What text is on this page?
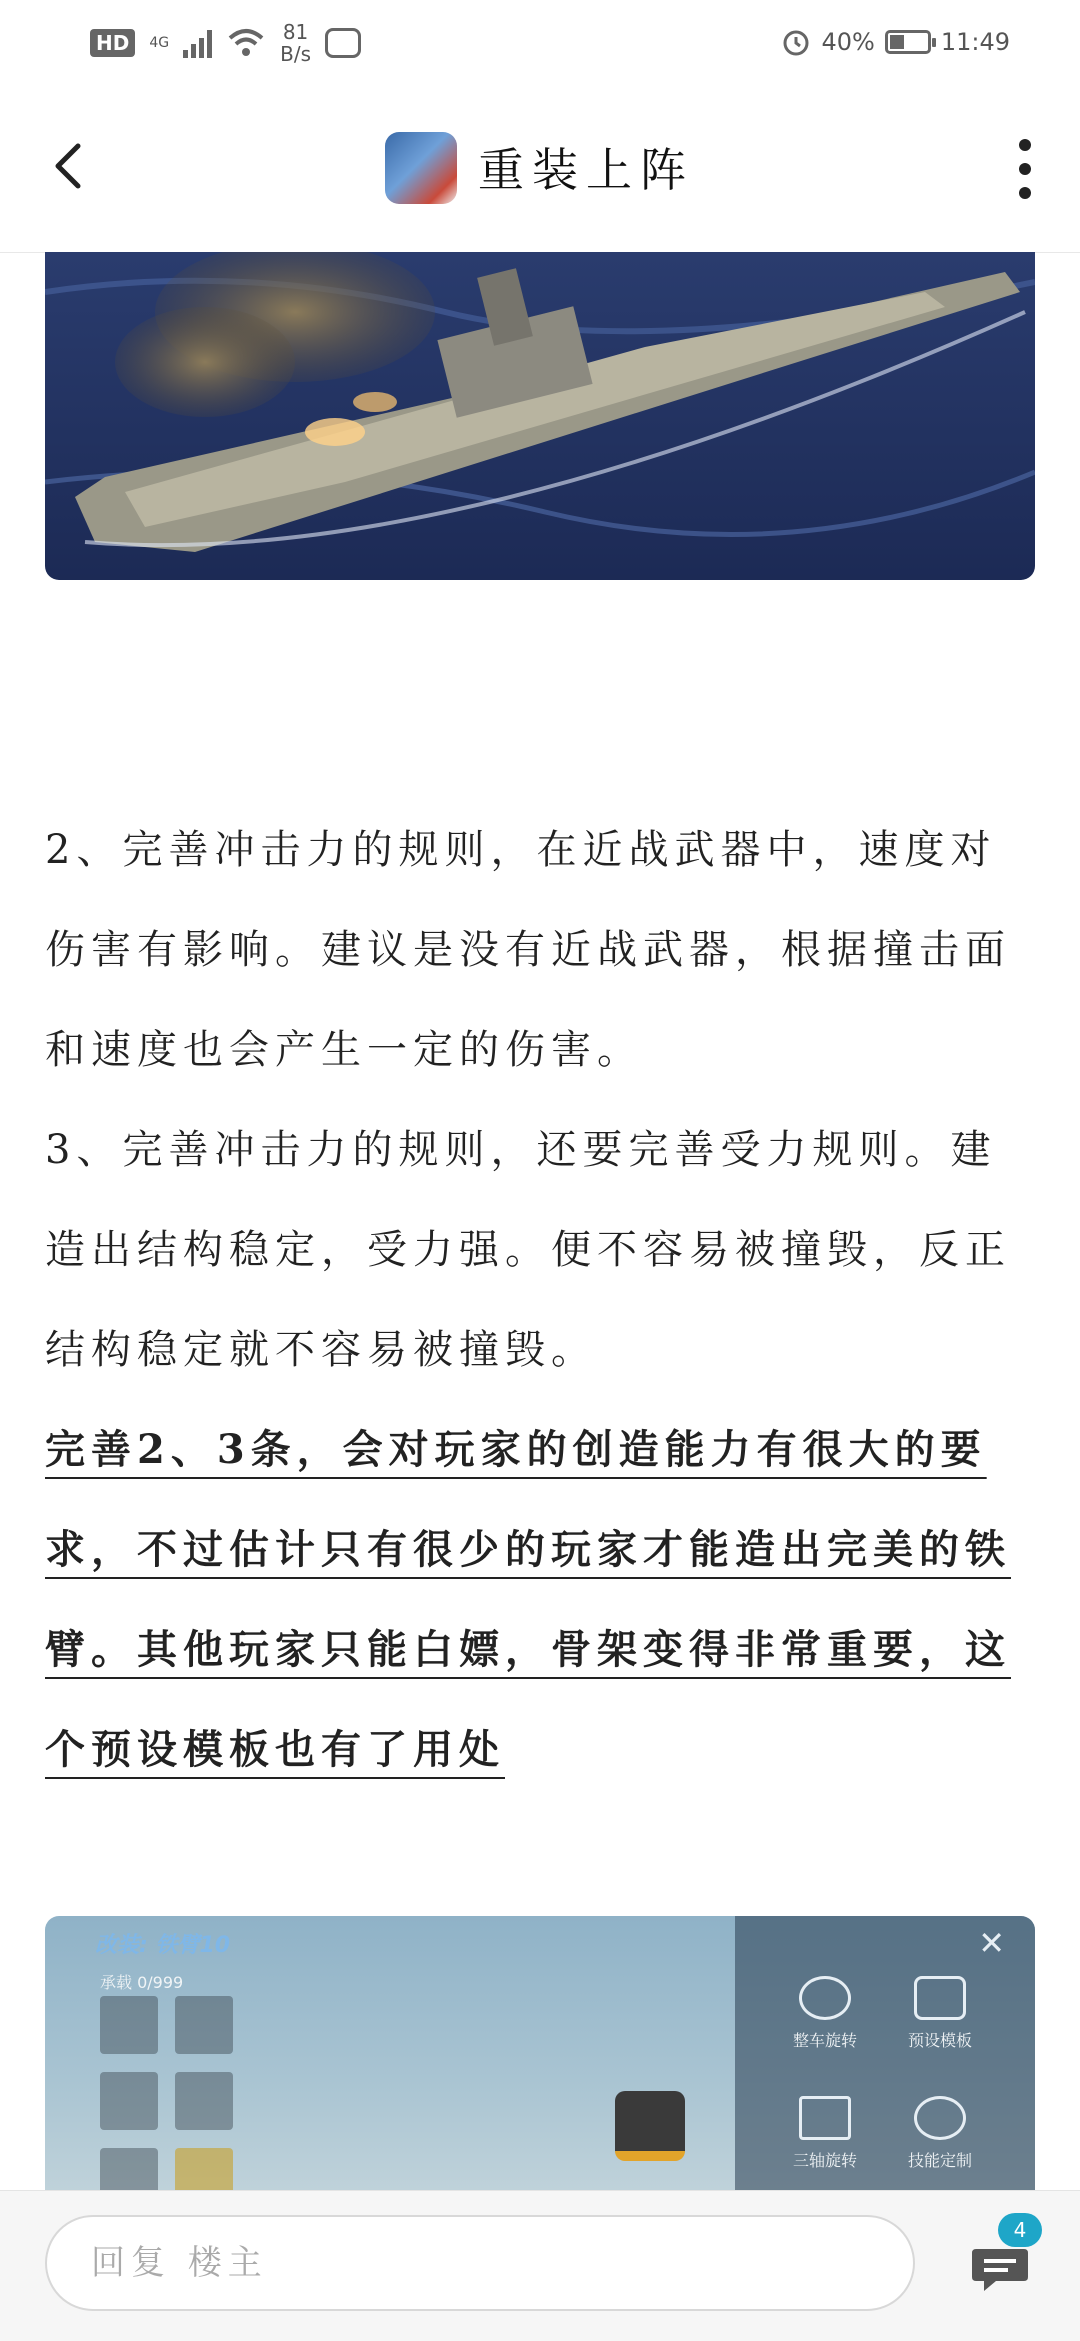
HD	4G	81
B/s	40%	11:49
重装上阵
2、完善冲击力的规则，在近战武器中，速度对伤害有影响。建议是没有近战武器，根据撞击面和速度也会产生一定的伤害。
3、完善冲击力的规则，还要完善受力规则。建造出结构稳定，受力强。便不容易被撞毁，反正结构稳定就不容易被撞毁。
完善2、3条，会对玩家的创造能力有很大的要求，不过估计只有很少的玩家才能造出完美的铁臂。其他玩家只能白嫖，骨架变得非常重要，这个预设模板也有了用处
改装: 铁臂10
承载 0/999
✕
整车旋转	预设模板
三轴旋转	技能定制
回复 楼主
4
